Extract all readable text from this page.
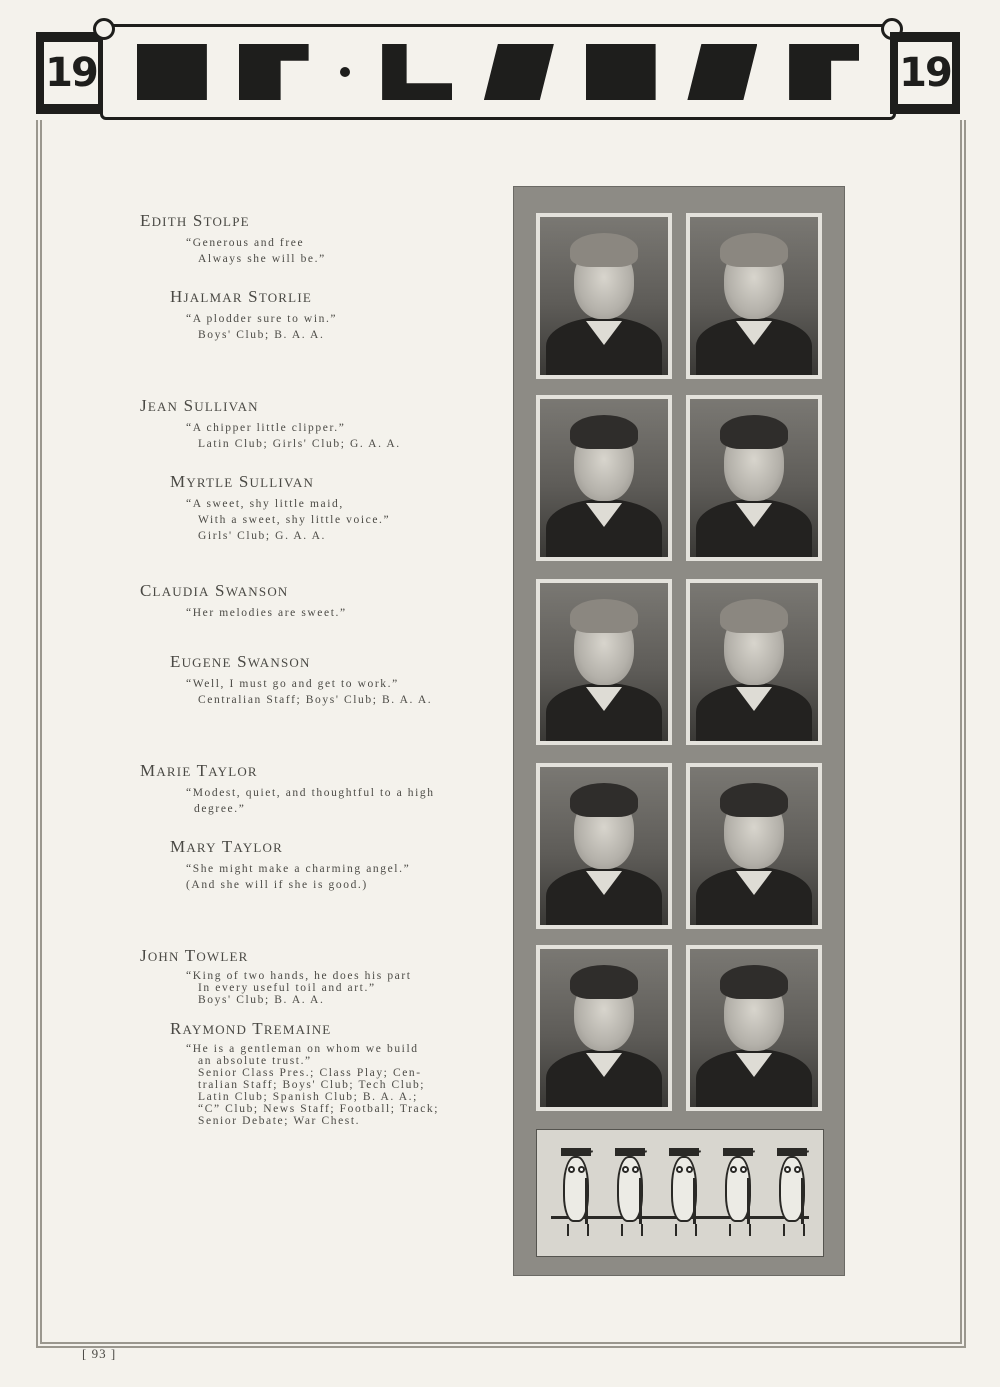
19	19

EDITH STOLPE

“Generous and free

Always she will be.”

HJALMAR STORLIE

“A plodder sure to win.”

Boys' Club; B. A. A.

JEAN SULLIVAN

“A chipper little clipper.”

Latin Club; Girls' Club; G. A. A.

MYRTLE SULLIVAN

“A sweet, shy little maid,

With a sweet, shy little voice.”

Girls' Club; G. A. A.

CLAUDIA SWANSON

“Her melodies are sweet.”

EUGENE SWANSON

“Well, I must go and get to work.”

Centralian Staff; Boys' Club; B. A. A.

MARIE TAYLOR

“Modest, quiet, and thoughtful to a high

degree.”

MARY TAYLOR

“She might make a charming angel.”

(And she will if she is good.)

JOHN TOWLER

“King of two hands, he does his part

In every useful toil and art.”

Boys' Club; B. A. A.

RAYMOND TREMAINE

“He is a gentleman on whom we build

an absolute trust.”

Senior Class Pres.; Class Play; Cen-

tralian Staff; Boys' Club; Tech Club;

Latin Club; Spanish Club; B. A. A.;

“C” Club; News Staff; Football; Track;

Senior Debate; War Chest.

[ 93 ]
